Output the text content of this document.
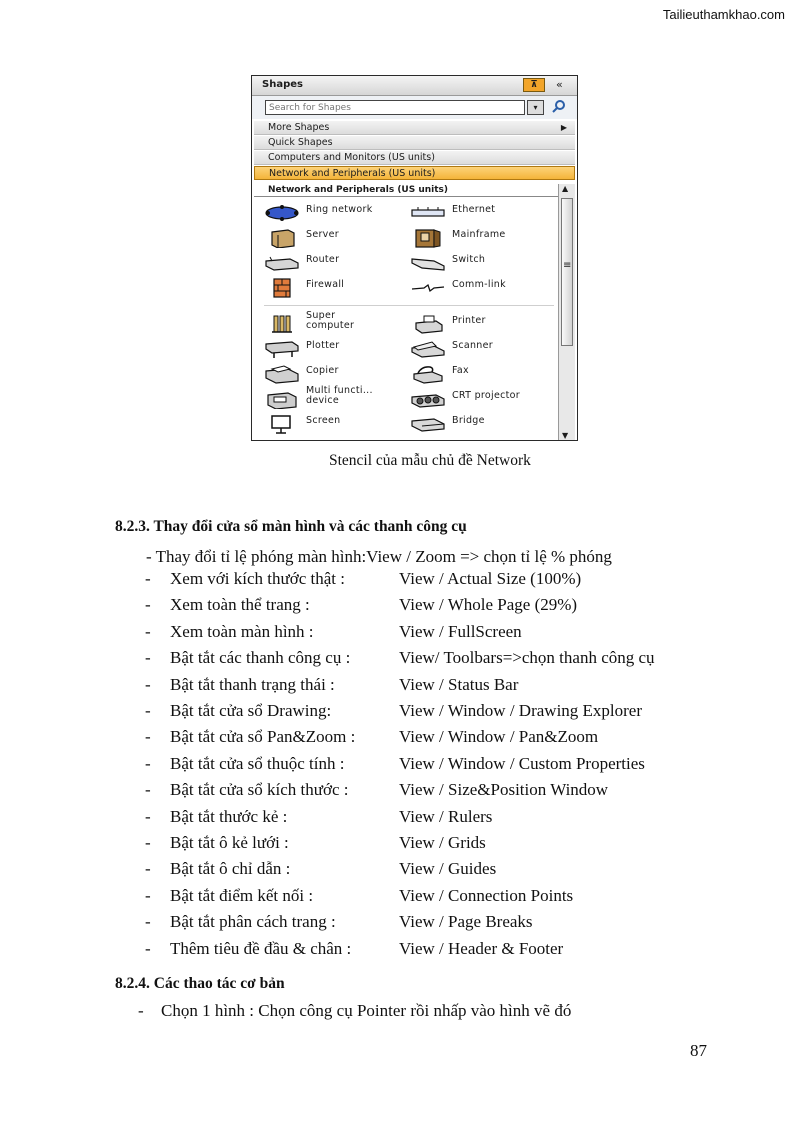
Tailieuthamkhao.com
Shapes	⊼	«
Search for Shapes
▾
More Shapes	▶
Quick Shapes
Computers and Monitors (US units)
Network and Peripherals (US units)
Network and Peripherals (US units)	▲
≡
▼
Ring network	Ethernet
Server	Mainframe
Router	Switch
Firewall	Comm-link
Super
computer	Printer
Plotter	Scanner
Copier	Fax
Multi functi...
device	CRT projector
Screen	Bridge
Stencil của mẫu chủ đề Network
8.2.3. Thay đổi cửa sổ màn hình và các thanh công cụ
- Thay đổi tỉ lệ phóng màn hình:View / Zoom => chọn tỉ lệ % phóng
- Xem với kích thước thật :	View / Actual Size (100%)
- Xem toàn thể trang :	View / Whole Page (29%)
- Xem toàn màn hình :	View / FullScreen
- Bật tắt các thanh công cụ :	View/ Toolbars=>chọn thanh công cụ
- Bật tắt thanh trạng thái :	View / Status Bar
- Bật tắt cửa sổ Drawing:	View / Window / Drawing Explorer
- Bật tắt cửa sổ Pan&Zoom :	View / Window / Pan&Zoom
- Bật tắt cửa sổ thuộc tính :	View / Window / Custom Properties
- Bật tắt cửa sổ kích thước :	View / Size&Position Window
- Bật tắt thước kẻ :	View / Rulers
- Bật tắt ô kẻ lưới :	View / Grids
- Bật tắt ô chỉ dẫn :	View / Guides
- Bật tắt điểm kết nối :	View / Connection Points
- Bật tắt phân cách trang :	View / Page Breaks
- Thêm tiêu đề đầu & chân :	View / Header & Footer
8.2.4. Các thao tác cơ bản
- Chọn 1 hình : Chọn công cụ Pointer rồi nhấp vào hình vẽ đó
87
